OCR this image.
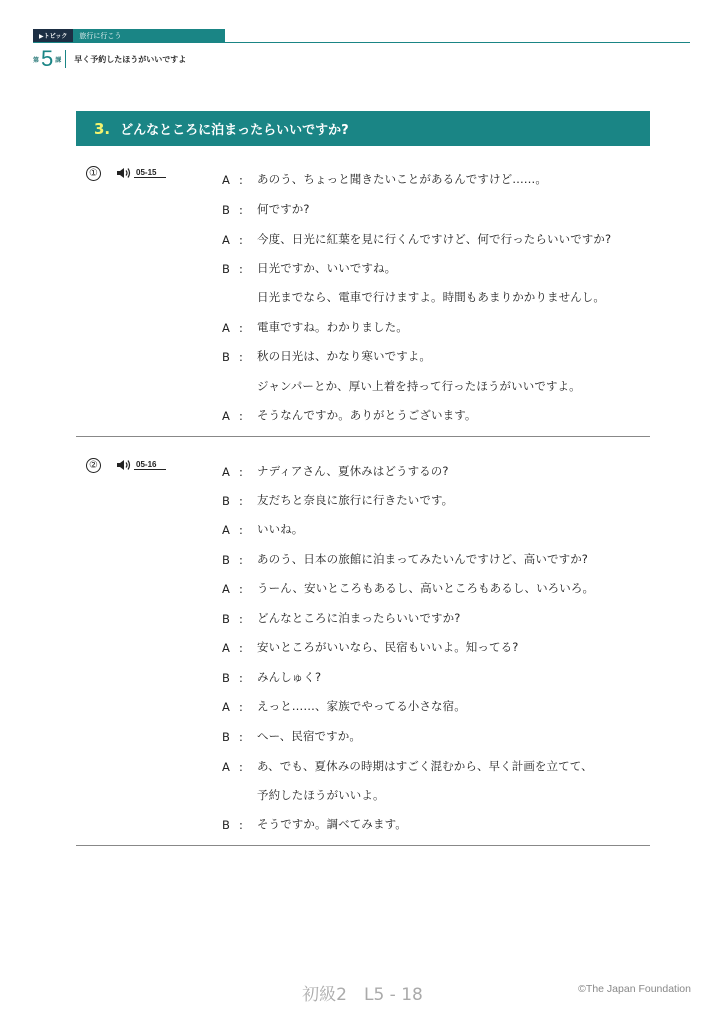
▶トピック	旅行に行こう
第 5 課 早く予約したほうがいいですよ
3. どんなところに泊まったらいいですか?
①	05-15
A :	あのう、ちょっと聞きたいことがあるんですけど……。
B :	何ですか?
A :	今度、日光に紅葉を見に行くんですけど、何で行ったらいいですか?
B :	日光ですか、いいですね。
日光までなら、電車で行けますよ。時間もあまりかかりませんし。
A :	電車ですね。わかりました。
B :	秋の日光は、かなり寒いですよ。
ジャンパーとか、厚い上着を持って行ったほうがいいですよ。
A :	そうなんですか。ありがとうございます。
②	05-16
A :	ナディアさん、夏休みはどうするの?
B :	友だちと奈良に旅行に行きたいです。
A :	いいね。
B :	あのう、日本の旅館に泊まってみたいんですけど、高いですか?
A :	うーん、安いところもあるし、高いところもあるし、いろいろ。
B :	どんなところに泊まったらいいですか?
A :	安いところがいいなら、民宿もいいよ。知ってる?
B :	みんしゅく?
A :	えっと……、家族でやってる小さな宿。
B :	へー、民宿ですか。
A :	あ、でも、夏休みの時期はすごく混むから、早く計画を立てて、
予約したほうがいいよ。
B :	そうですか。調べてみます。
初級2　L5 - 18	©The Japan Foundation
